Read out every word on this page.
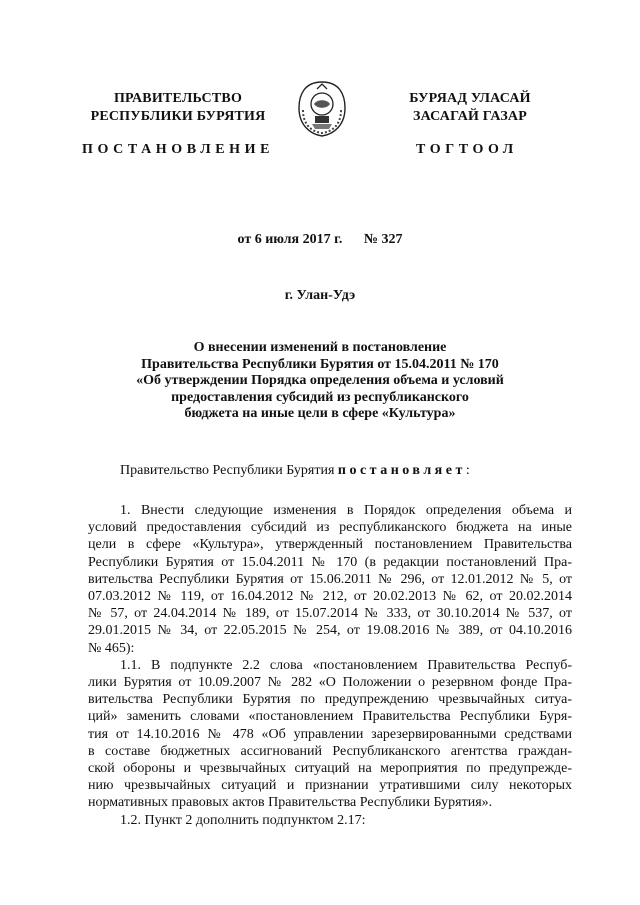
ПРАВИТЕЛЬСТВО
РЕСПУБЛИКИ БУРЯТИЯ
БУРЯАД УЛАСАЙ
ЗАСАГАЙ ГАЗАР
ПОСТАНОВЛЕНИЕ	ТОГТООЛ
от 6 июля 2017 г. № 327
г. Улан-Удэ
О внесении изменений в постановление
Правительства Республики Бурятия от 15.04.2011 № 170
«Об утверждении Порядка определения объема и условий
предоставления субсидий из республиканского
бюджета на иные цели в сфере «Культура»
Правительство Республики Бурятия постановляет:
1. Внести следующие изменения в Порядок определения объема и
условий предоставления субсидий из республиканского бюджета на иные
цели в сфере «Культура», утвержденный постановлением Правительства
Республики Бурятия от 15.04.2011 № 170 (в редакции постановлений Пра-
вительства Республики Бурятия от 15.06.2011 № 296, от 12.01.2012 № 5, от
07.03.2012 № 119, от 16.04.2012 № 212, от 20.02.2013 № 62, от 20.02.2014
№ 57, от 24.04.2014 № 189, от 15.07.2014 № 333, от 30.10.2014 № 537, от
29.01.2015 № 34, от 22.05.2015 № 254, от 19.08.2016 № 389, от 04.10.2016
№ 465):
1.1. В подпункте 2.2 слова «постановлением Правительства Респуб-
лики Бурятия от 10.09.2007 № 282 «О Положении о резервном фонде Пра-
вительства Республики Бурятия по предупреждению чрезвычайных ситуа-
ций» заменить словами «постановлением Правительства Республики Буря-
тия от 14.10.2016 № 478 «Об управлении зарезервированными средствами
в составе бюджетных ассигнований Республиканского агентства граждан-
ской обороны и чрезвычайных ситуаций на мероприятия по предупрежде-
нию чрезвычайных ситуаций и признании утратившими силу некоторых
нормативных правовых актов Правительства Республики Бурятия».
1.2. Пункт 2 дополнить подпунктом 2.17:
